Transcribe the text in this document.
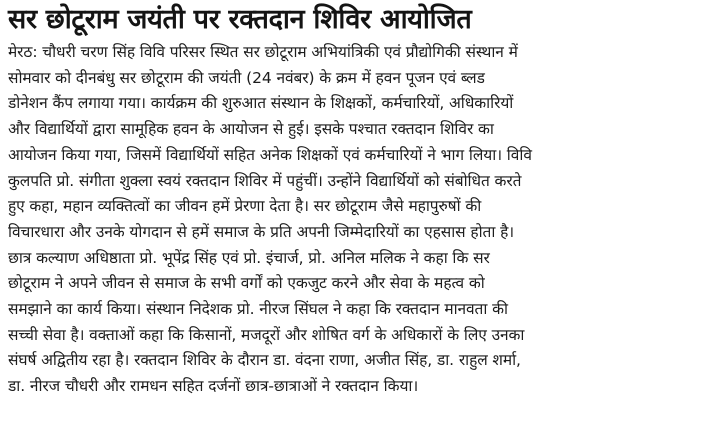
सर छोटूराम जयंती पर रक्तदान शिविर आयोजित
मेरठ: चौधरी चरण सिंह विवि परिसर स्थित सर छोटूराम अभियांत्रिकी एवं प्रौद्योगिकी संस्थान में
सोमवार को दीनबंधु सर छोटूराम की जयंती (24 नवंबर) के क्रम में हवन पूजन एवं ब्लड
डोनेशन कैंप लगाया गया। कार्यक्रम की शुरुआत संस्थान के शिक्षकों, कर्मचारियों, अधिकारियों
और विद्यार्थियों द्वारा सामूहिक हवन के आयोजन से हुई। इसके पश्चात रक्तदान शिविर का
आयोजन किया गया, जिसमें विद्यार्थियों सहित अनेक शिक्षकों एवं कर्मचारियों ने भाग लिया। विवि
कुलपति प्रो. संगीता शुक्ला स्वयं रक्तदान शिविर में पहुंचीं। उन्होंने विद्यार्थियों को संबोधित करते
हुए कहा, महान व्यक्तित्वों का जीवन हमें प्रेरणा देता है। सर छोटूराम जैसे महापुरुषों की
विचारधारा और उनके योगदान से हमें समाज के प्रति अपनी जिम्मेदारियों का एहसास होता है।
छात्र कल्याण अधिष्ठाता प्रो. भूपेंद्र सिंह एवं प्रो. इंचार्ज, प्रो. अनिल मलिक ने कहा कि सर
छोटूराम ने अपने जीवन से समाज के सभी वर्गों को एकजुट करने और सेवा के महत्व को
समझाने का कार्य किया। संस्थान निदेशक प्रो. नीरज सिंघल ने कहा कि रक्तदान मानवता की
सच्ची सेवा है। वक्ताओं कहा कि किसानों, मजदूरों और शोषित वर्ग के अधिकारों के लिए उनका
संघर्ष अद्वितीय रहा है। रक्तदान शिविर के दौरान डा. वंदना राणा, अजीत सिंह, डा. राहुल शर्मा,
डा. नीरज चौधरी और रामधन सहित दर्जनों छात्र-छात्राओं ने रक्तदान किया।
